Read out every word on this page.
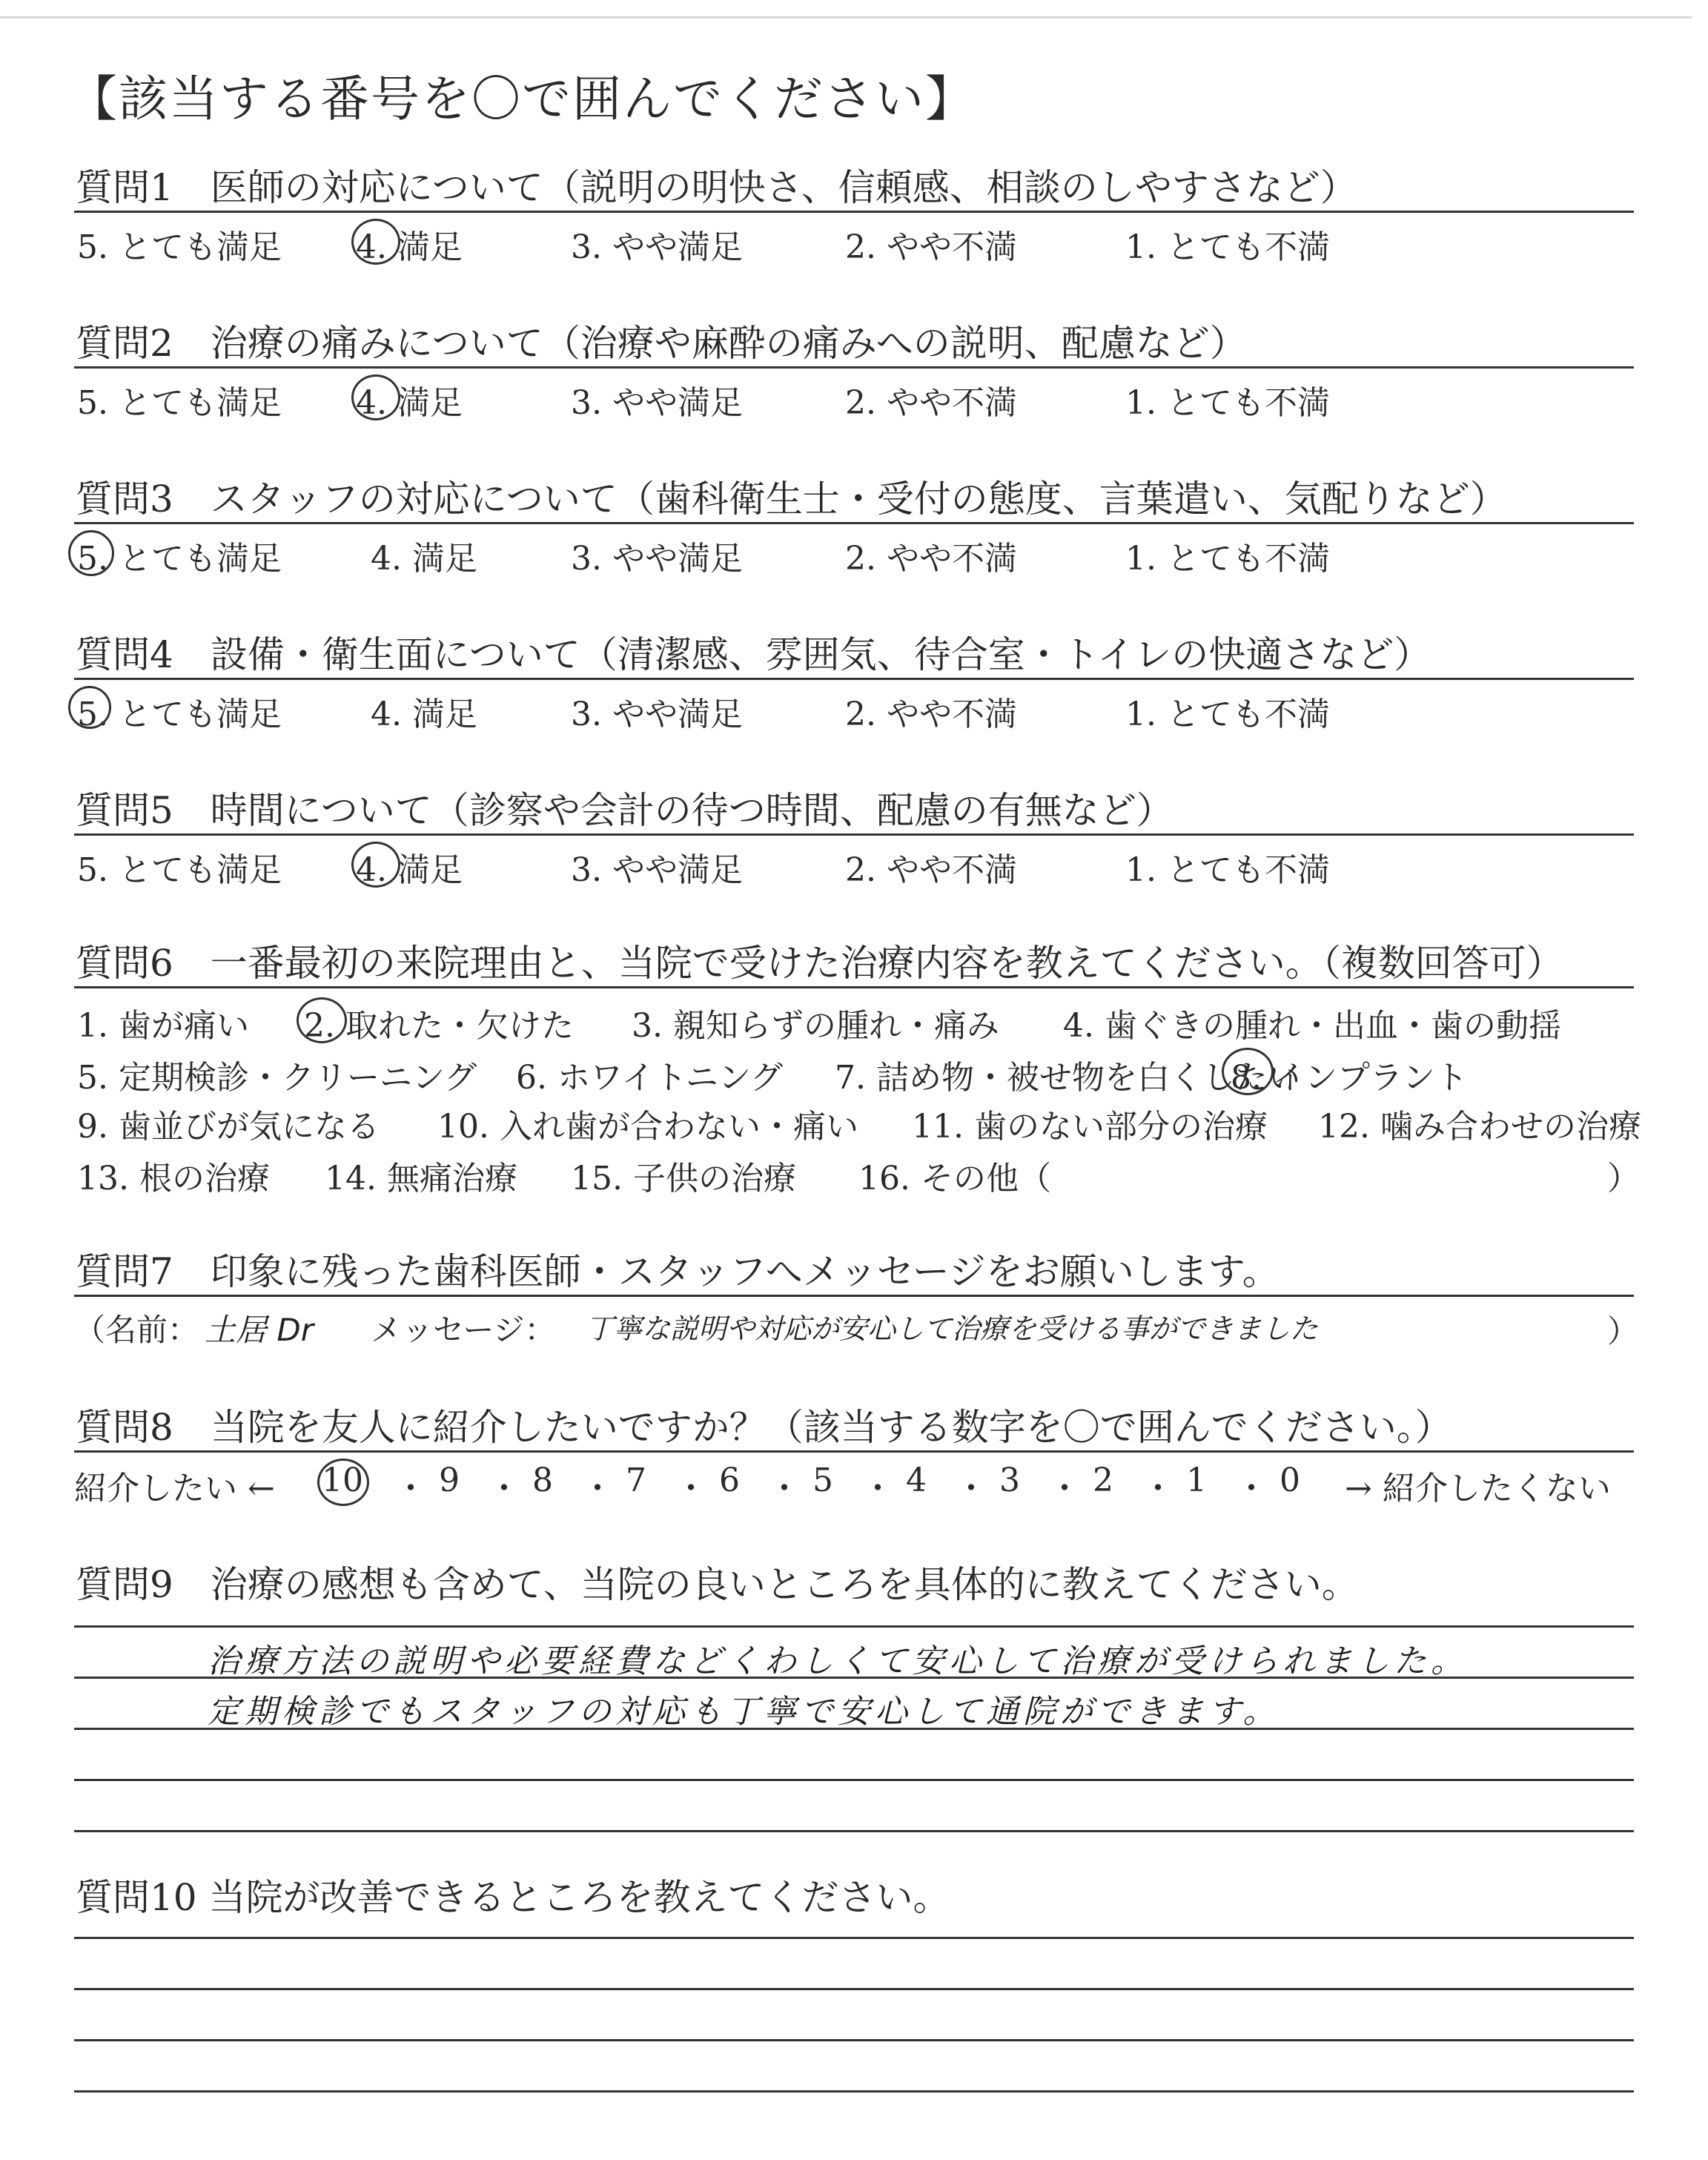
【該当する番号を〇で囲んでください】
質問1　医師の対応について（説明の明快さ、信頼感、相談のしやすさなど）
5. とても満足 4. 満足	3. やや満足	2. やや不満	1. とても不満
質問2　治療の痛みについて（治療や麻酔の痛みへの説明、配慮など）
5. とても満足 4. 満足	3. やや満足	2. やや不満	1. とても不満
質問3　スタッフの対応について（歯科衛生士・受付の態度、言葉遣い、気配りなど）
5. とても満足	4. 満足	3. やや満足	2. やや不満	1. とても不満
質問4　設備・衛生面について（清潔感、雰囲気、待合室・トイレの快適さなど）
5. とても満足	4. 満足	3. やや満足	2. やや不満	1. とても不満
質問5　時間について（診察や会計の待つ時間、配慮の有無など）
5. とても満足 4. 満足	3. やや満足	2. やや不満	1. とても不満
質問6　一番最初の来院理由と、当院で受けた治療内容を教えてください。（複数回答可）
1. 歯が痛い 2. 取れた・欠けた 3. 親知らずの腫れ・痛み 4. 歯ぐきの腫れ・出血・歯の動揺
5. 定期検診・クリーニング 6. ホワイトニング 7. 詰め物・被せ物を白くしたい
8. インプラント
9. 歯並びが気になる 10. 入れ歯が合わない・痛い 11. 歯のない部分の治療 12. 噛み合わせの治療
13. 根の治療 14. 無痛治療 15. 子供の治療 16. その他（	）
質問7　印象に残った歯科医師・スタッフへメッセージをお願いします。
（名前： 土居 Dr メッセージ： 丁寧な説明や対応が安心して治療を受ける事ができました	）
質問8　当院を友人に紹介したいですか？（該当する数字を〇で囲んでください。）
紹介したい ← 10 ・ 9 ・ 8 ・ 7 ・ 6 ・ 5 ・ 4 ・ 3 ・ 2 ・ 1 ・ 0 → 紹介したくない
質問9　治療の感想も含めて、当院の良いところを具体的に教えてください。
治療方法の説明や必要経費などくわしくて安心して治療が受けられました。
定期検診でもスタッフの対応も丁寧で安心して通院ができます。
質問10 当院が改善できるところを教えてください。
